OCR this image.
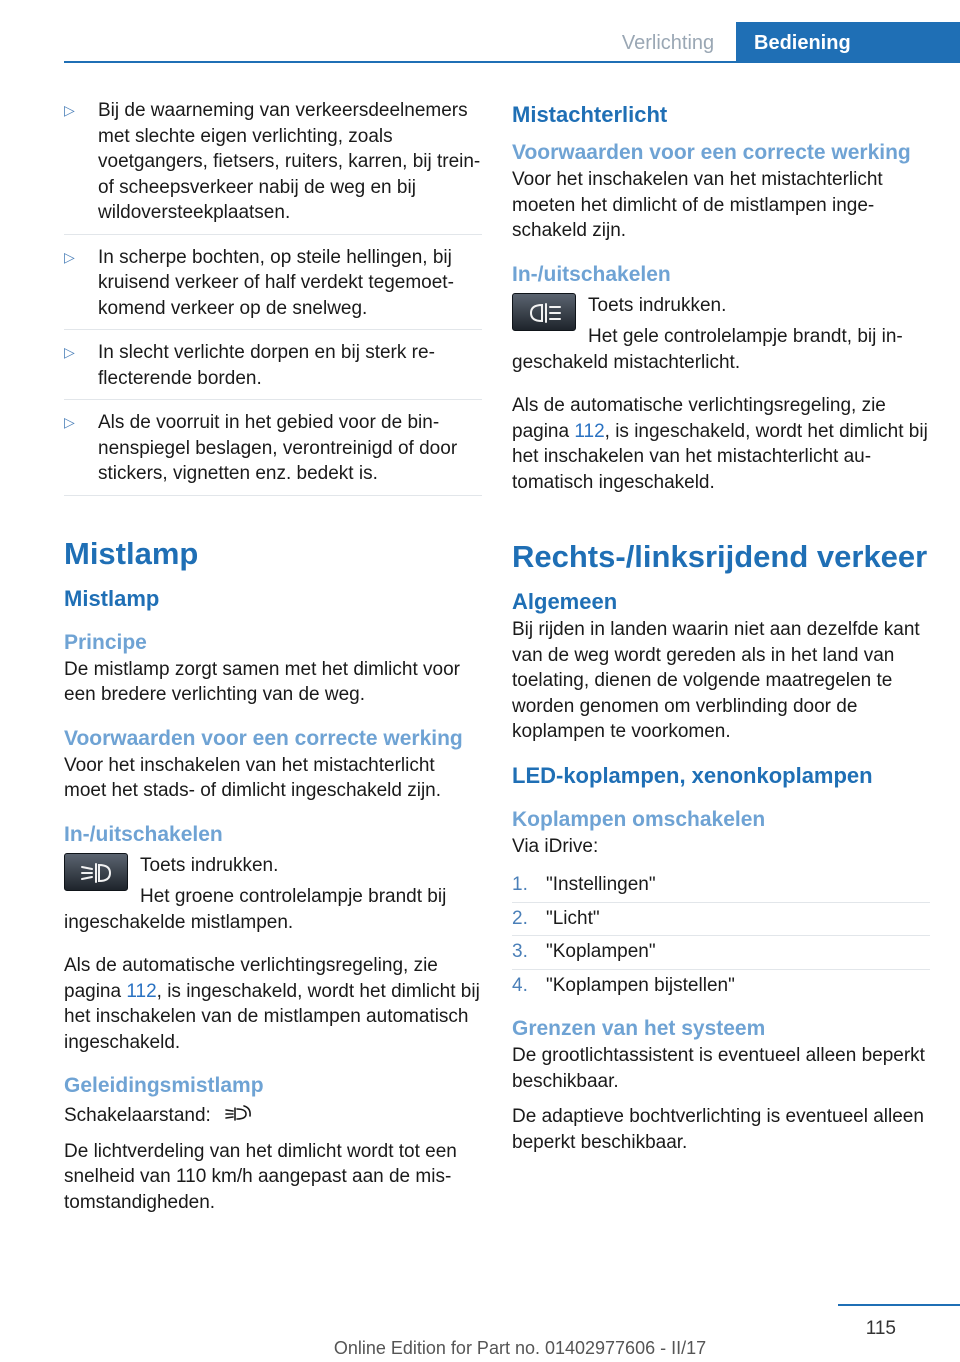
Verlichting	Bediening
▷	Bij de waarneming van verkeersdeelnemers met slechte eigen verlichting, zoals voetgangers, fietsers, ruiters, karren, bij trein- of scheepsverkeer nabij de weg en bij wildoversteekplaatsen.
▷	In scherpe bochten, op steile hellingen, bij kruisend verkeer of half verdekt tegemoetkomend verkeer op de snelweg.
▷	In slecht verlichte dorpen en bij sterk reflecterende borden.
▷	Als de voorruit in het gebied voor de binnenspiegel beslagen, verontreinigd of door stickers, vignetten enz. bedekt is.
Mistlamp
Mistlamp
Principe
De mistlamp zorgt samen met het dimlicht voor een bredere verlichting van de weg.
Voorwaarden voor een correcte werking
Voor het inschakelen van het mistachterlicht moet het stads- of dimlicht ingeschakeld zijn.
In-/uitschakelen
Toets indrukken.
Het groene controlelampje brandt bij ingeschakelde mistlampen.
Als de automatische verlichtingsregeling, zie pagina 112, is ingeschakeld, wordt het dimlicht bij het inschakelen van de mistlampen automatisch ingeschakeld.
Geleidingsmistlamp
Schakelaarstand:
De lichtverdeling van het dimlicht wordt tot een snelheid van 110 km/h aangepast aan de mistomstandigheden.
Mistachterlicht
Voorwaarden voor een correcte werking
Voor het inschakelen van het mistachterlicht moeten het dimlicht of de mistlampen ingeschakeld zijn.
In-/uitschakelen
Toets indrukken.
Het gele controlelampje brandt, bij ingeschakeld mistachterlicht.
Als de automatische verlichtingsregeling, zie pagina 112, is ingeschakeld, wordt het dimlicht bij het inschakelen van het mistachterlicht automatisch ingeschakeld.
Rechts-/linksrijdend verkeer
Algemeen
Bij rijden in landen waarin niet aan dezelfde kant van de weg wordt gereden als in het land van toelating, dienen de volgende maatregelen te worden genomen om verblinding door de koplampen te voorkomen.
LED-koplampen, xenonkoplampen
Koplampen omschakelen
Via iDrive:
1. "Instellingen"
2. "Licht"
3. "Koplampen"
4. "Koplampen bijstellen"
Grenzen van het systeem
De grootlichtassistent is eventueel alleen beperkt beschikbaar.
De adaptieve bochtverlichting is eventueel alleen beperkt beschikbaar.
115
Online Edition for Part no. 01402977606 - II/17
